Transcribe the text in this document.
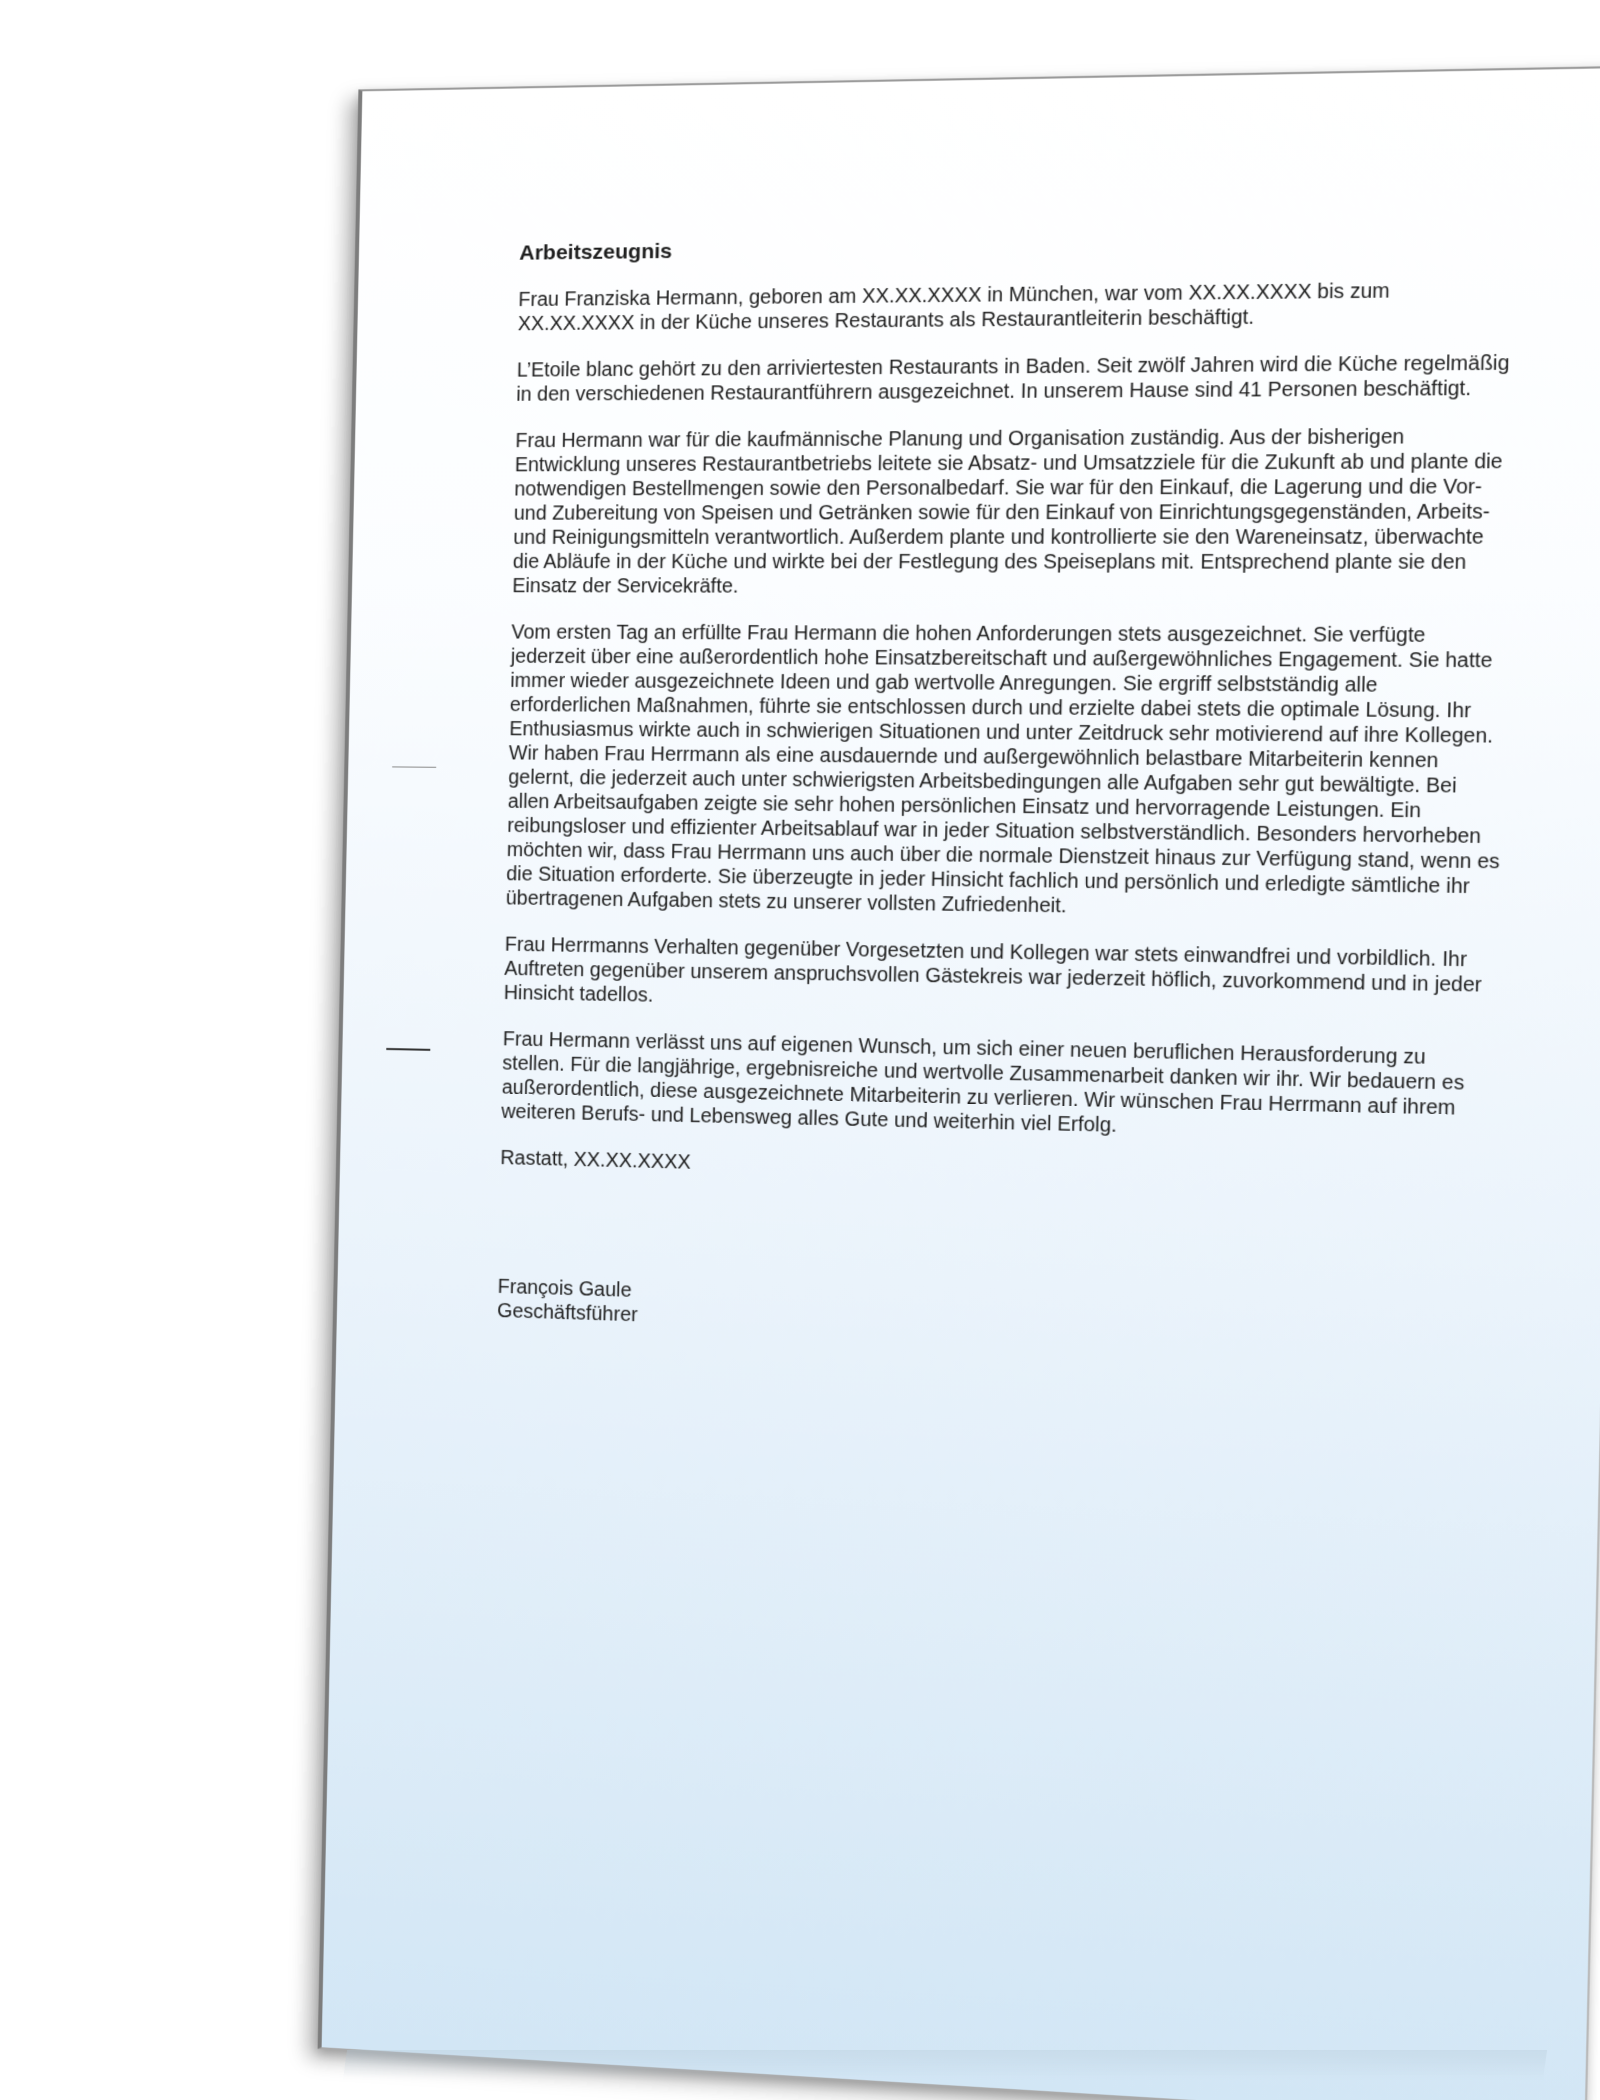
Arbeitszeugnis

Frau Franziska Hermann, geboren am XX.XX.XXXX in München, war vom XX.XX.XXXX bis zum XX.XX.XXXX in der Küche unseres Restaurants als Restaurantleiterin beschäftigt.

L’Etoile blanc gehört zu den arriviertesten Restaurants in Baden. Seit zwölf Jahren wird die Küche regelmäßig in den verschiedenen Restaurantführern ausgezeichnet. In unserem Hause sind 41 Personen beschäftigt.

Frau Hermann war für die kaufmännische Planung und Organisation zuständig. Aus der bisherigen Entwicklung unseres Restaurantbetriebs leitete sie Absatz- und Umsatzziele für die Zukunft ab und plante die notwendigen Bestellmengen sowie den Personalbedarf. Sie war für den Einkauf, die Lagerung und die Vor- und Zubereitung von Speisen und Getränken sowie für den Einkauf von Einrichtungsgegenständen, Arbeits- und Reinigungsmitteln verantwortlich. Außerdem plante und kontrollierte sie den Wareneinsatz, überwachte die Abläufe in der Küche und wirkte bei der Festlegung des Speiseplans mit. Entsprechend plante sie den Einsatz der Servicekräfte.

Vom ersten Tag an erfüllte Frau Hermann die hohen Anforderungen stets ausgezeichnet. Sie verfügte jederzeit über eine außerordentlich hohe Einsatzbereitschaft und außergewöhnliches Engagement. Sie hatte immer wieder ausgezeichnete Ideen und gab wertvolle Anregungen. Sie ergriff selbstständig alle erforderlichen Maßnahmen, führte sie entschlossen durch und erzielte dabei stets die optimale Lösung. Ihr Enthusiasmus wirkte auch in schwierigen Situationen und unter Zeitdruck sehr motivierend auf ihre Kollegen. Wir haben Frau Herrmann als eine ausdauernde und außergewöhnlich belastbare Mitarbeiterin kennen gelernt, die jederzeit auch unter schwierigsten Arbeitsbedingungen alle Aufgaben sehr gut bewältigte. Bei allen Arbeitsaufgaben zeigte sie sehr hohen persönlichen Einsatz und hervorragende Leistungen. Ein reibungsloser und effizienter Arbeitsablauf war in jeder Situation selbstverständlich. Besonders hervorheben möchten wir, dass Frau Herrmann uns auch über die normale Dienstzeit hinaus zur Verfügung stand, wenn es die Situation erforderte. Sie überzeugte in jeder Hinsicht fachlich und persönlich und erledigte sämtliche ihr übertragenen Aufgaben stets zu unserer vollsten Zufriedenheit.

Frau Herrmanns Verhalten gegenüber Vorgesetzten und Kollegen war stets einwandfrei und vorbildlich. Ihr Auftreten gegenüber unserem anspruchsvollen Gästekreis war jederzeit höflich, zuvorkommend und in jeder Hinsicht tadellos.

Frau Hermann verlässt uns auf eigenen Wunsch, um sich einer neuen beruflichen Herausforderung zu stellen. Für die langjährige, ergebnisreiche und wertvolle Zusammenarbeit danken wir ihr. Wir bedauern es außerordentlich, diese ausgezeichnete Mitarbeiterin zu verlieren. Wir wünschen Frau Herrmann auf ihrem weiteren Berufs- und Lebensweg alles Gute und weiterhin viel Erfolg.

Rastatt, XX.XX.XXXX

François Gaule

Geschäftsführer
